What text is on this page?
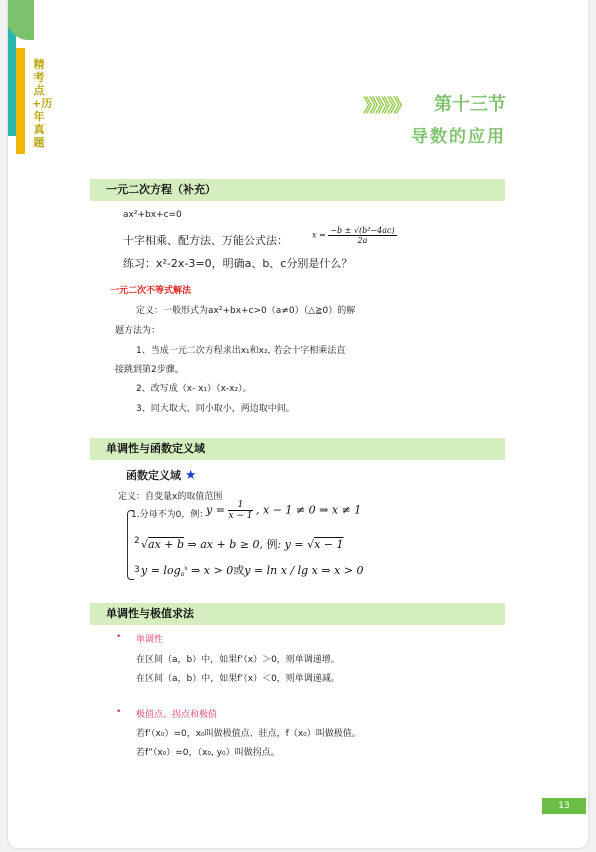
精考点+历年真题
》》》》》》 第十三节
导数的应用
一元二次方程（补充）
ax²+bx+c=0
十字相乘、配方法、万能公式法：	$x = \frac{\text{−b ± √(b²−4ac)}}{2a}$
练习：x²-2x-3=0，明确a、b、c分别是什么？
一元二次不等式解法
定义：一般形式为ax²+bx+c>0（a≠0）（△≧0）的解
题方法为：
1、当成一元二次方程求出x₁和x₂, 若会十字相乘法直
接跳到第2步骤。
2、改写成（x- x₁）（x-x₂）。
3、同大取大，同小取小，两边取中间。
单调性与函数定义域
函数定义域 ★
定义：自变量x的取值范围
1.分母不为0，例：
$y = \frac{1}{x - 1}$ , x − 1 ≠ 0 ⇒ x ≠ 1
2 √ax + b ⇒ ax + b ≥ 0, 例: y = √x − 1
3 $y = \log_a^x$ ⇒ x > 0或y = ln x / lg x ⇒ x > 0
单调性与极值求法
• 单调性
在区间（a，b）中，如果f’（x）＞0，则单调递增。
在区间（a，b）中，如果f’（x）＜0，则单调递减。
• 极值点、拐点和极值
若f’（x₀）=0，x₀叫做极值点、驻点，f（x₀）叫做极值。
若f”（x₀）=0，（x₀, y₀）叫做拐点。
13
